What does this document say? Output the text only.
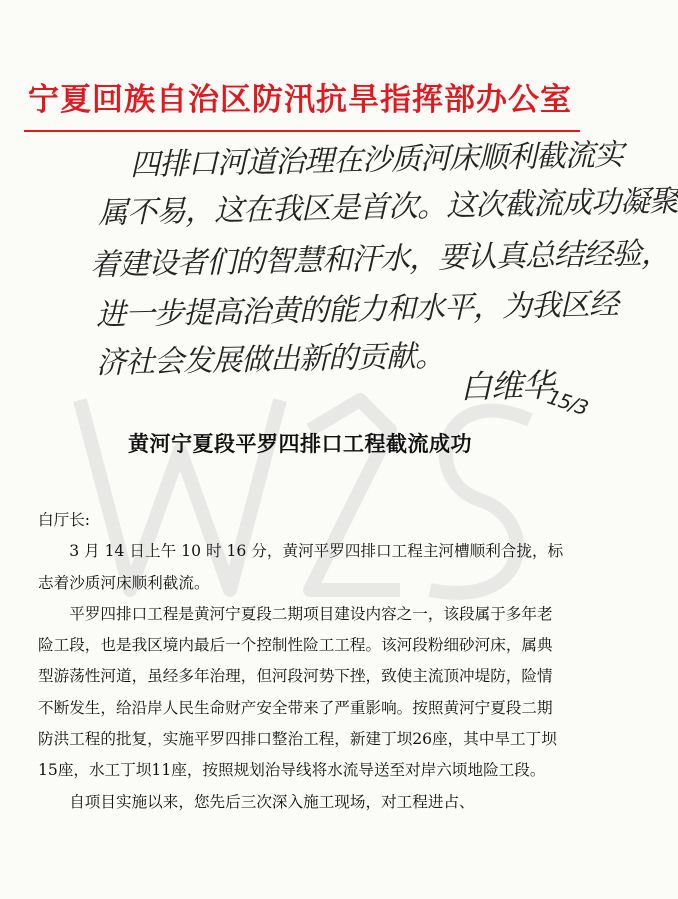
宁夏回族自治区防汛抗旱指挥部办公室
四排口河道治理在沙质河床顺利截流实
属不易，这在我区是首次。这次截流成功凝聚
着建设者们的智慧和汗水，要认真总结经验，
进一步提高治黄的能力和水平，为我区经
济社会发展做出新的贡献。
白维华
15/3
黄河宁夏段平罗四排口工程截流成功

白厅长:

3 月 14 日上午 10 时 16 分，黄河平罗四排口工程主河槽顺利合拢，标志着沙质河床顺利截流。

平罗四排口工程是黄河宁夏段二期项目建设内容之一，该段属于多年老险工段，也是我区境内最后一个控制性险工工程。该河段粉细砂河床，属典型游荡性河道，虽经多年治理，但河段河势下挫，致使主流顶冲堤防，险情不断发生，给沿岸人民生命财产安全带来了严重影响。按照黄河宁夏段二期防洪工程的批复，实施平罗四排口整治工程，新建丁坝26座，其中旱工丁坝15座，水工丁坝11座，按照规划治导线将水流导送至对岸六顷地险工段。

自项目实施以来，您先后三次深入施工现场，对工程进占、
